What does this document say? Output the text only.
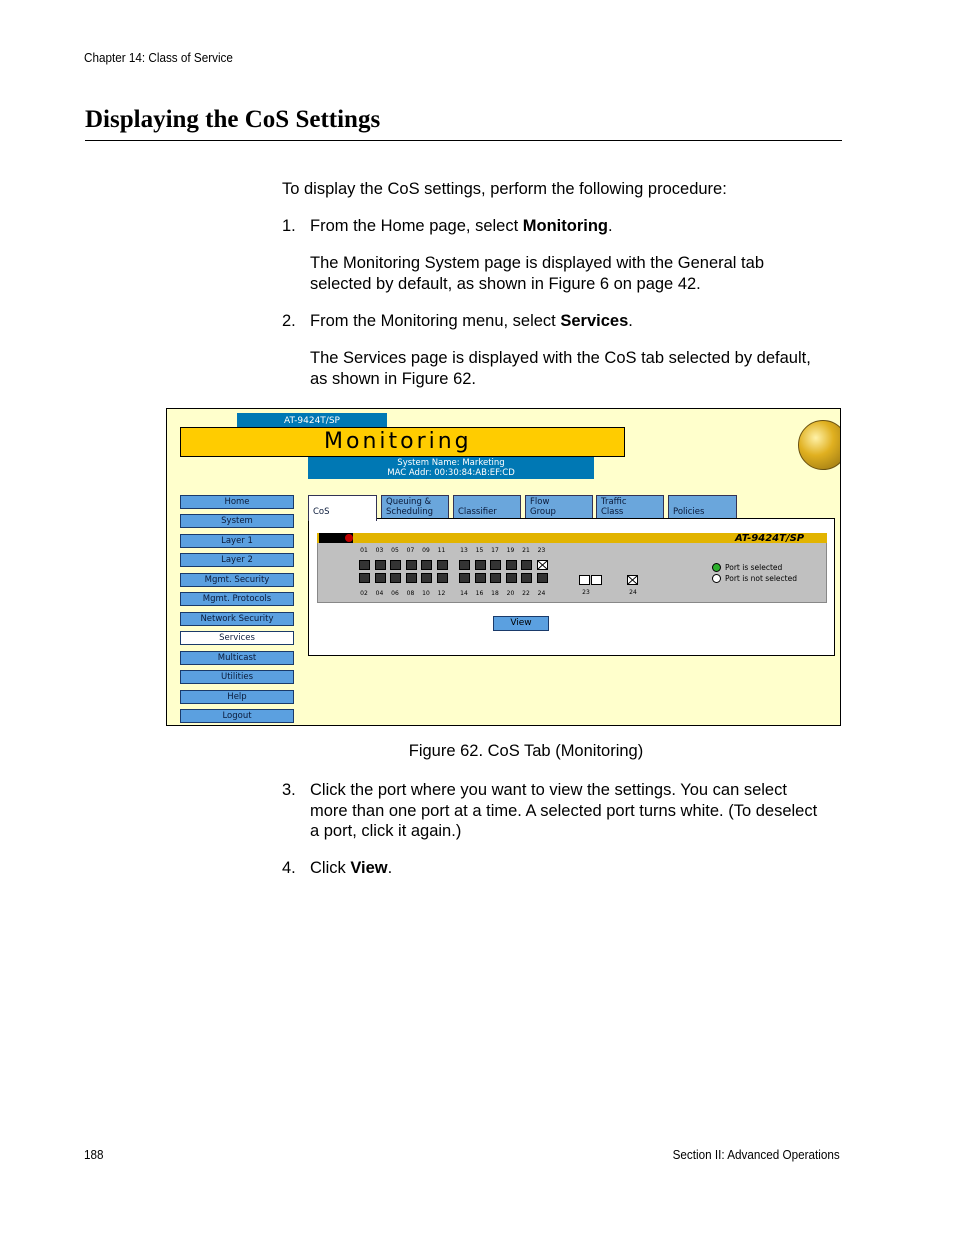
Chapter 14: Class of Service
Displaying the CoS Settings
To display the CoS settings, perform the following procedure:
1. From the Home page, select Monitoring.
The Monitoring System page is displayed with the General tab
selected by default, as shown in Figure 6 on page 42.
2. From the Monitoring menu, select Services.
The Services page is displayed with the CoS tab selected by default,
as shown in Figure 62.
AT-9424T/SP
Monitoring
System Name: Marketing
MAC Addr: 00:30:84:AB:EF:CD
Home
System
Layer 1
Layer 2
Mgmt. Security
Mgmt. Protocols
Network Security
Services
Multicast
Utilities
Help
Logout
CoS
Queuing &
Scheduling	Classifier
Flow
Group
Traffic
Class	Policies
AT-9424T/SP
01
02
03
04
05
06
07
08
09
10
11
12
13
14
15
16
17
18
19
20
21
22
23
24	23	24
Port is selected
Port is not selected
View
Figure 62. CoS Tab (Monitoring)
3. Click the port where you want to view the settings. You can select
more than one port at a time. A selected port turns white. (To deselect
a port, click it again.)
4. Click View.
188	Section II: Advanced Operations
